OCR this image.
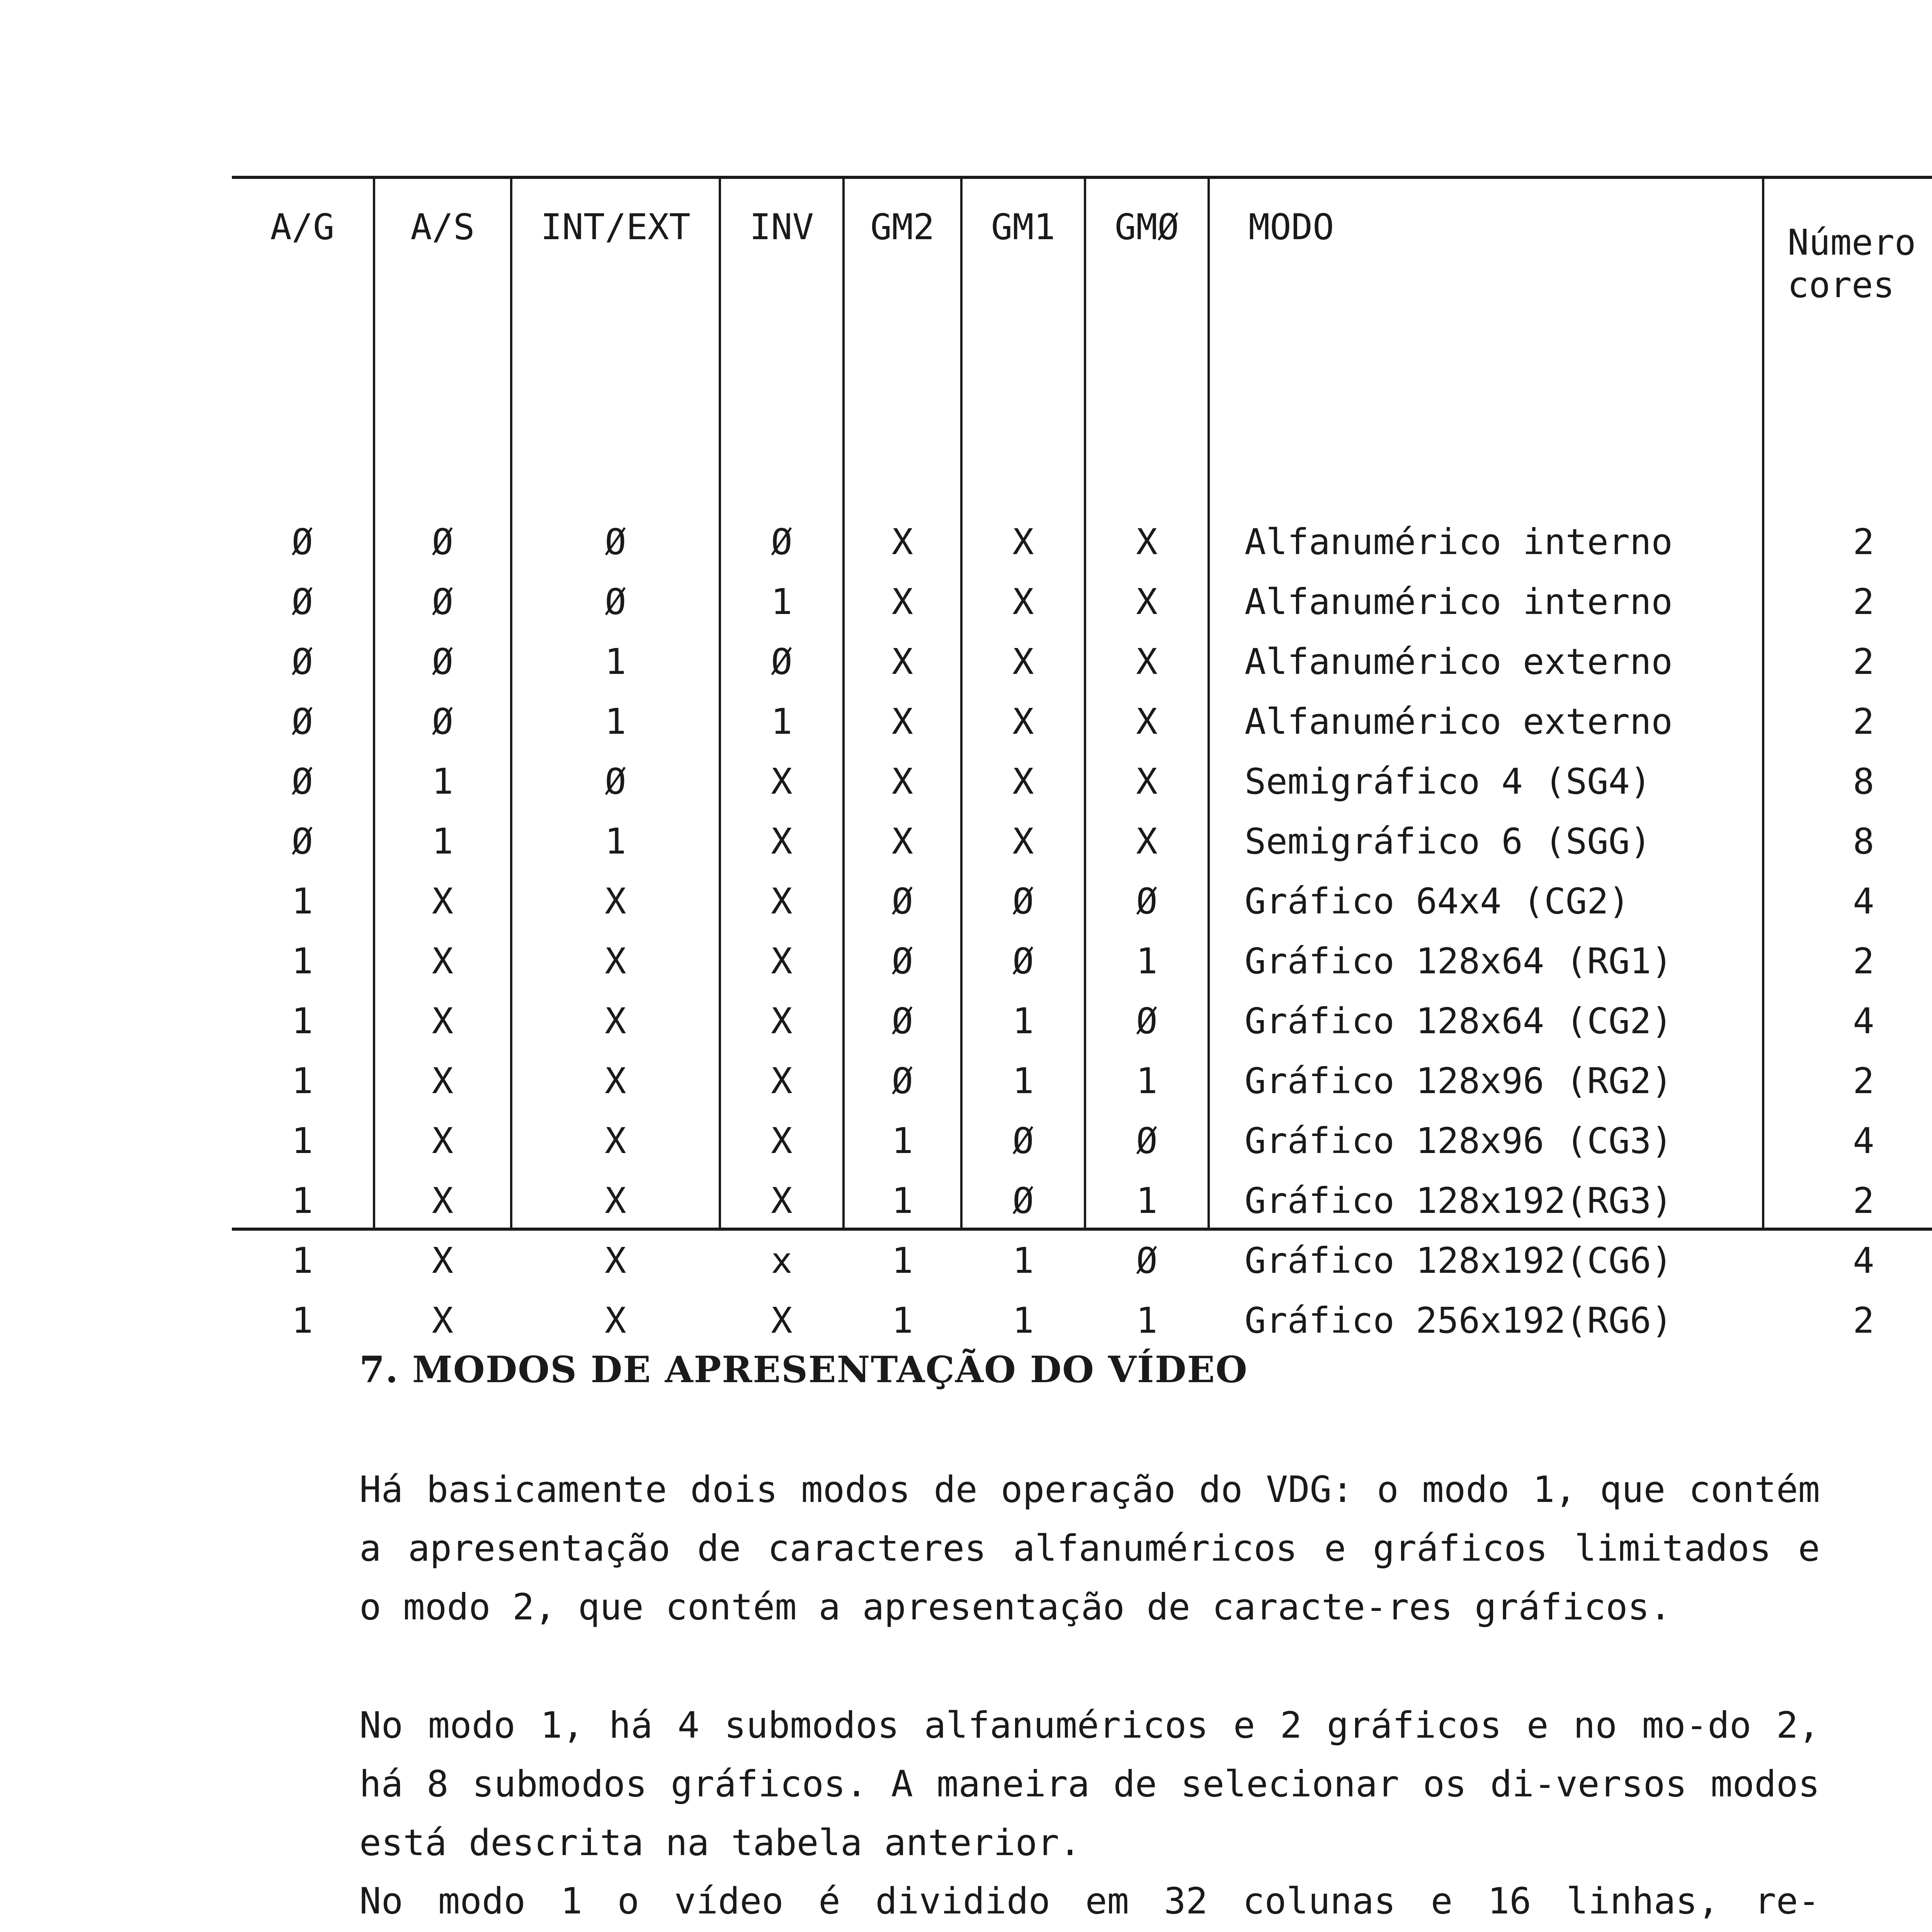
A/G
Ø
Ø
Ø
Ø
Ø
Ø
1
1
1
1
1
1
1
1
A/S
Ø
Ø
Ø
Ø
1
1
X
X
X
X
X
X
X
X
INT/EXT
Ø
Ø
1
1
Ø
1
X
X
X
X
X
X
X
X
INV
Ø
1
Ø
1
X
X
X
X
X
X
X
X
x
X
GM2
X
X
X
X
X
X
Ø
Ø
Ø
Ø
1
1
1
1
GM1
X
X
X
X
X
X
Ø
Ø
1
1
Ø
Ø
1
1
GMØ
X
X
X
X
X
X
Ø
1
Ø
1
Ø
1
Ø
1
MODO
Alfanumérico interno
Alfanumérico interno
Alfanumérico externo
Alfanumérico externo
Semigráfico 4 (SG4)
Semigráfico 6 (SGG)
Gráfico 64x4 (CG2)
Gráfico 128x64 (RG1)
Gráfico 128x64 (CG2)
Gráfico 128x96 (RG2)
Gráfico 128x96 (CG3)
Gráfico 128x192(RG3)
Gráfico 128x192(CG6)
Gráfico 256x192(RG6)
Número
cores
2
2
2
2
8
8
4
2
4
2
4
2
4
2
7. MODOS DE APRESENTAÇÃO DO VÍDEO
Há basicamente dois modos de operação do VDG: o modo 1, que contém a apresentação de caracteres alfanuméricos e gráficos limitados e o modo 2, que contém a apresentação de caracte-res gráficos.
No modo 1, há 4 submodos alfanuméricos e 2 gráficos e no mo-do 2, há 8 submodos gráficos. A maneira de selecionar os di-versos modos está descrita na tabela anterior.
No modo 1 o vídeo é dividido em 32 colunas e 16 linhas, re-
